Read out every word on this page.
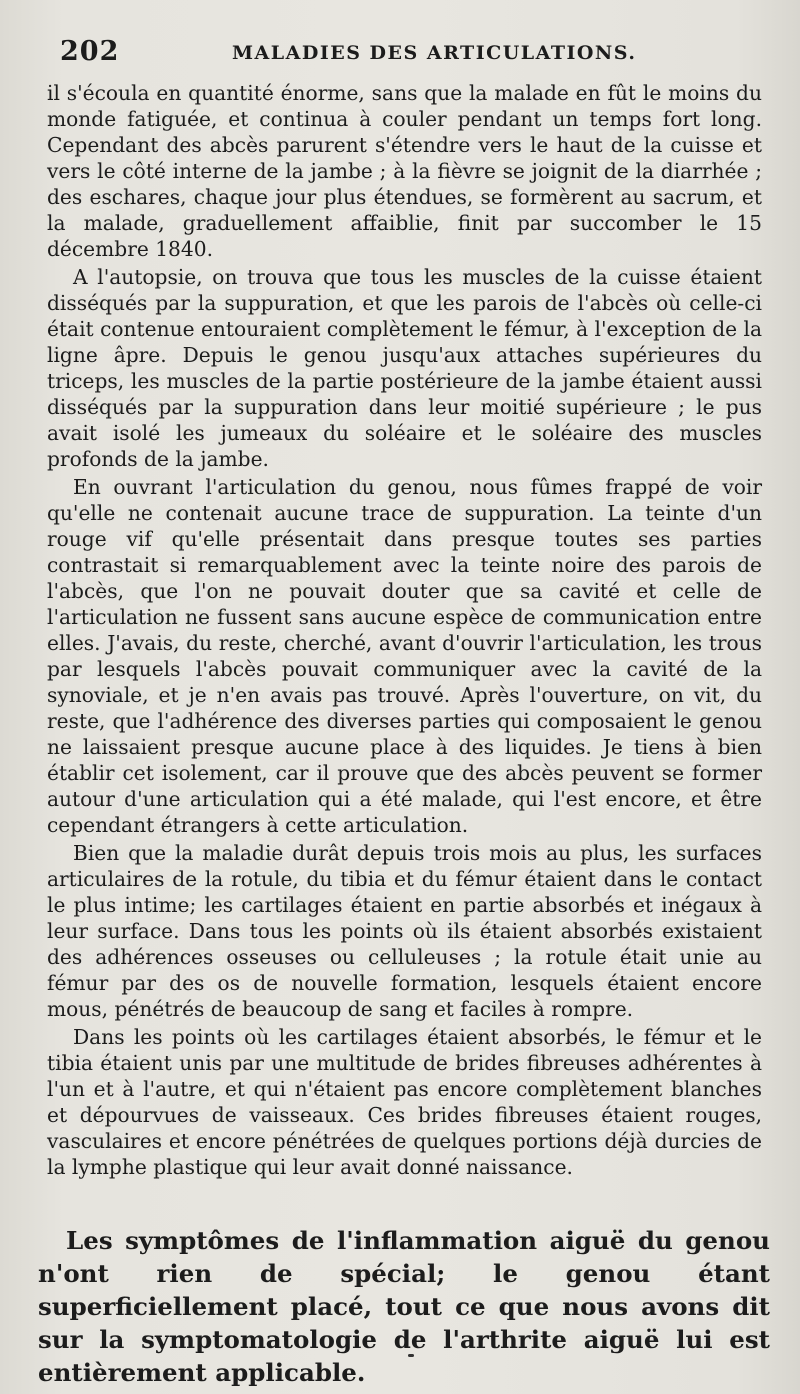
202	MALADIES DES ARTICULATIONS.

il s'écoula en quantité énorme, sans que la malade en fût le moins du monde fatiguée, et continua à couler pendant un temps fort long. Cependant des abcès parurent s'étendre vers le haut de la cuisse et vers le côté interne de la jambe ; à la fièvre se joignit de la diarrhée ; des eschares, chaque jour plus étendues, se formèrent au sacrum, et la malade, graduellement affaiblie, finit par succomber le 15 décembre 1840.

A l'autopsie, on trouva que tous les muscles de la cuisse étaient disséqués par la suppuration, et que les parois de l'abcès où celle-ci était contenue entouraient complètement le fémur, à l'exception de la ligne âpre. Depuis le genou jusqu'aux attaches supérieures du triceps, les muscles de la partie postérieure de la jambe étaient aussi disséqués par la suppuration dans leur moitié supérieure ; le pus avait isolé les jumeaux du soléaire et le soléaire des muscles profonds de la jambe.

En ouvrant l'articulation du genou, nous fûmes frappé de voir qu'elle ne contenait aucune trace de suppuration. La teinte d'un rouge vif qu'elle présentait dans presque toutes ses parties contrastait si remarquablement avec la teinte noire des parois de l'abcès, que l'on ne pouvait douter que sa cavité et celle de l'articulation ne fussent sans aucune espèce de communication entre elles. J'avais, du reste, cherché, avant d'ouvrir l'articulation, les trous par lesquels l'abcès pouvait communiquer avec la cavité de la synoviale, et je n'en avais pas trouvé. Après l'ouverture, on vit, du reste, que l'adhérence des diverses parties qui composaient le genou ne laissaient presque aucune place à des liquides. Je tiens à bien établir cet isolement, car il prouve que des abcès peuvent se former autour d'une articulation qui a été malade, qui l'est encore, et être cependant étrangers à cette articulation.

Bien que la maladie durât depuis trois mois au plus, les surfaces articulaires de la rotule, du tibia et du fémur étaient dans le contact le plus intime; les cartilages étaient en partie absorbés et inégaux à leur surface. Dans tous les points où ils étaient absorbés existaient des adhérences osseuses ou celluleuses ; la rotule était unie au fémur par des os de nouvelle formation, lesquels étaient encore mous, pénétrés de beaucoup de sang et faciles à rompre.

Dans les points où les cartilages étaient absorbés, le fémur et le tibia étaient unis par une multitude de brides fibreuses adhérentes à l'un et à l'autre, et qui n'étaient pas encore complètement blanches et dépourvues de vaisseaux. Ces brides fibreuses étaient rouges, vasculaires et encore pénétrées de quelques portions déjà durcies de la lymphe plastique qui leur avait donné naissance.

Les symptômes de l'inflammation aiguë du genou n'ont rien de spécial; le genou étant superficiellement placé, tout ce que nous avons dit sur la symptomatologie de l'arthrite aiguë lui est entièrement applicable.
